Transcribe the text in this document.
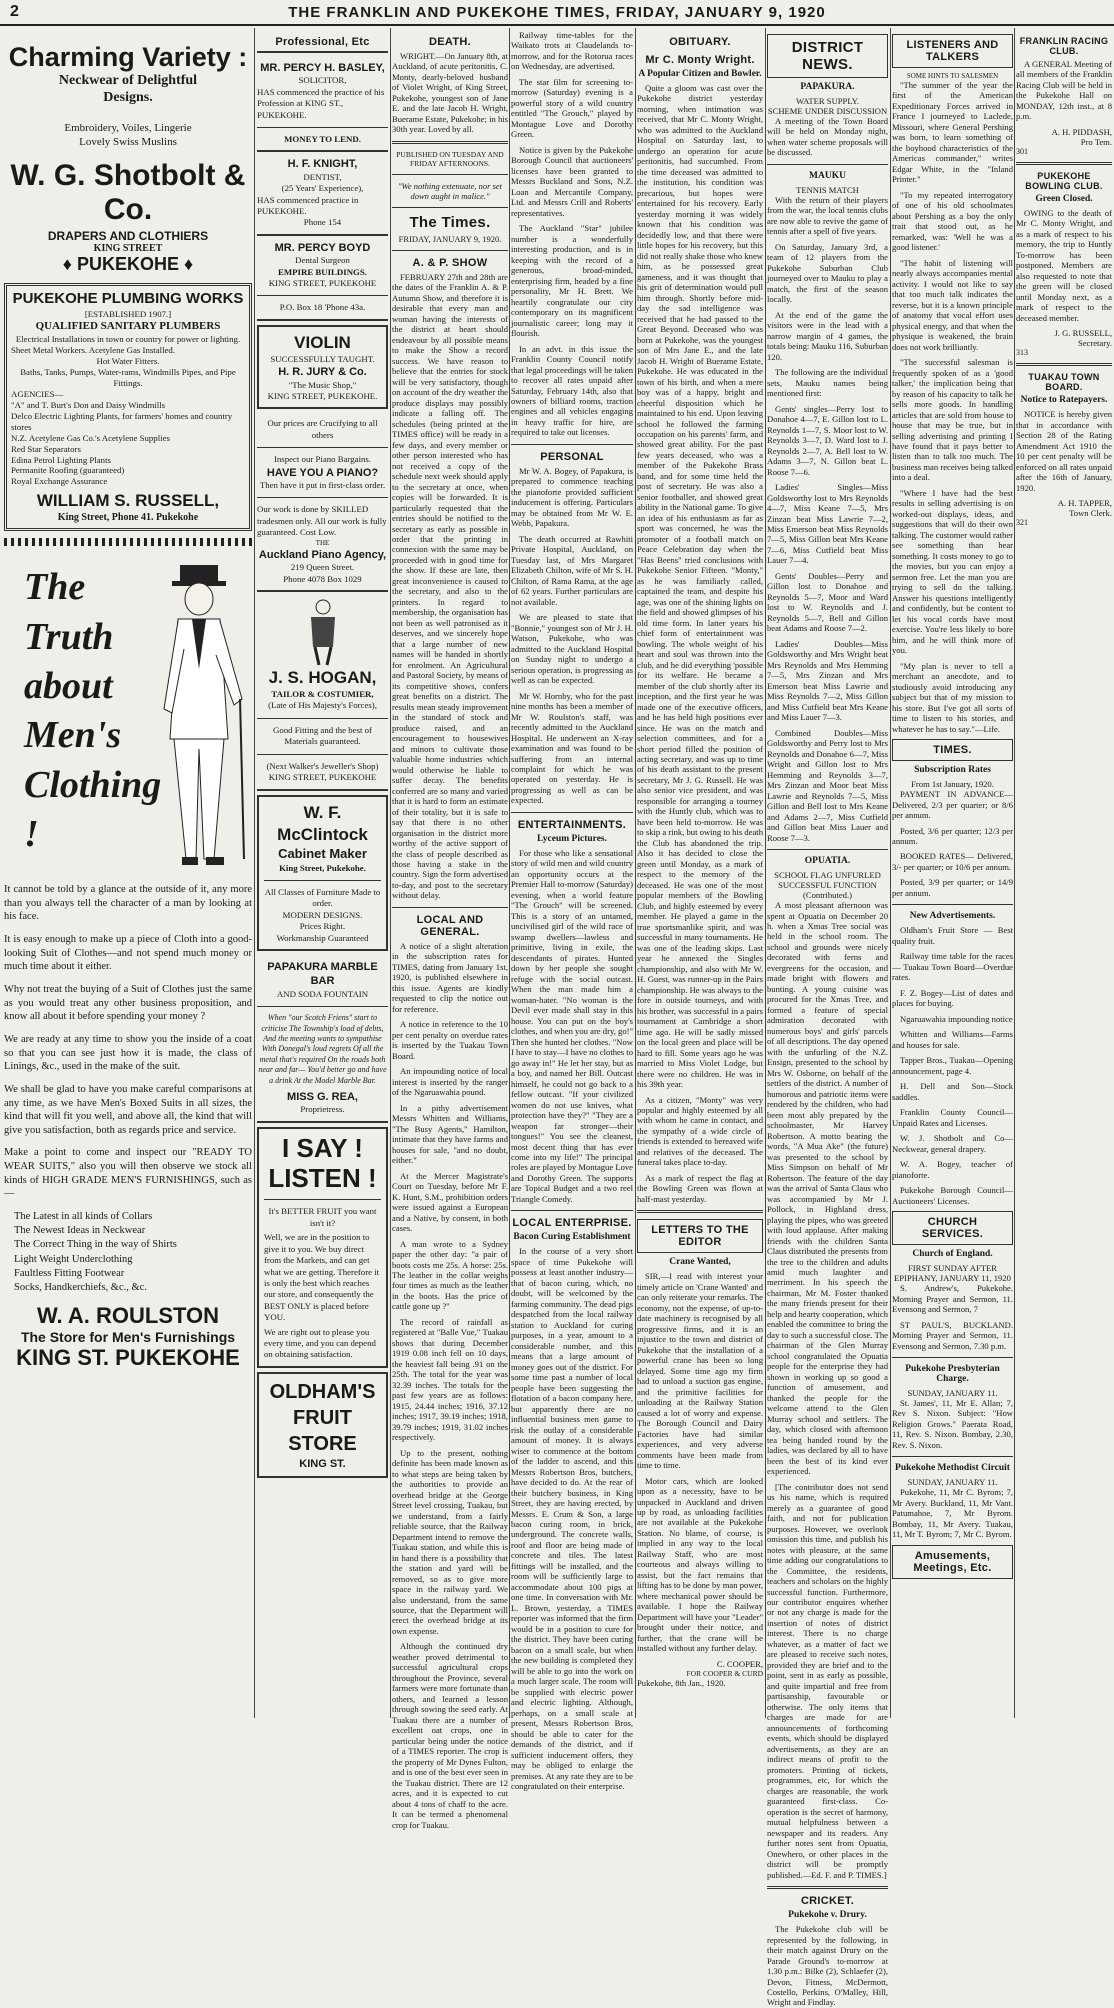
2	THE FRANKLIN AND PUKEKOHE TIMES, FRIDAY, JANUARY 9, 1920
Charming Variety :
Neckwear of Delightful
Designs.
Embroidery, Voiles, Lingerie
Lovely Swiss Muslins
W. G. Shotbolt & Co.
DRAPERS AND CLOTHIERS
KING STREET
♦ PUKEKOHE ♦
PUKEKOHE PLUMBING WORKS
[ESTABLISHED 1907.]
QUALIFIED SANITARY PLUMBERS
Electrical Installations in town or country for power or lighting.
Sheet Metal Workers. Acetylene Gas Installed.
Hot Water Fitters.
Baths, Tanks, Pumps, Water-rams, Windmills Pipes, and Pipe Fittings.
AGENCIES—
"A" and T. Burt's Don and Daisy Windmills
Delco Electric Lighting Plants, for farmers' homes and country stores
N.Z. Acetylene Gas Co.'s Acetylene Supplies
Red Star Separators
Edina Petrol Lighting Plants
Permanite Roofing (guaranteed)
Royal Exchange Assurance
WILLIAM S. RUSSELL,
King Street, Phone 41. Pukekohe
The Truth
about
Men's
Clothing !

It cannot be told by a glance at the outside of it, any more than you always tell the character of a man by looking at his face.

It is easy enough to make up a piece of Cloth into a good-looking Suit of Clothes—and not spend much money or much time about it either.

Why not treat the buying of a Suit of Clothes just the same as you would treat any other business proposition, and know all about it before spending your money ?

We are ready at any time to show you the inside of a coat so that you can see just how it is made, the class of Linings, &c., used in the make of the suit.

We shall be glad to have you make careful comparisons at any time, as we have Men's Boxed Suits in all sizes, the kind that will fit you well, and above all, the kind that will give you satisfaction, both as regards price and service.

Make a point to come and inspect our "READY TO WEAR SUITS," also you will then observe we stock all kinds of HIGH GRADE MEN'S FURNISHINGS, such as—

The Latest in all kinds of Collars
The Newest Ideas in Neckwear
The Correct Thing in the way of Shirts
Light Weight Underclothing
Faultless Fitting Footwear
Socks, Handkerchiefs, &c., &c.
W. A. ROULSTON
The Store for Men's Furnishings
KING ST. PUKEKOHE
Professional, Etc
MR. PERCY H. BASLEY,
SOLICITOR,
HAS commenced the practice of his Profession at KING ST., PUKEKOHE.
MONEY TO LEND.
H. F. KNIGHT,
DENTIST,
(25 Years' Experience),
HAS commenced practice in PUKEKOHE.
Phone 154
MR. PERCY BOYD
Dental Surgeon
EMPIRE BUILDINGS.
KING STREET, PUKEKOHE
P.O. Box 18 'Phone 43a.
VIOLIN
SUCCESSFULLY TAUGHT.
H. R. JURY & Co.
"The Music Shop,"
KING STREET, PUKEKOHE.
Our prices are Crucifying to all others
Inspect our Piano Bargains.
HAVE YOU A PIANO?
Then have it put in first-class order.
Our work is done by SKILLED tradesmen only. All our work is fully guaranteed. Cost Low.
THE
Auckland Piano Agency,
219 Queen Street.
Phone 4078 Box 1029
J. S. HOGAN,
TAILOR & COSTUMIER,
(Late of His Majesty's Forces),
Good Fitting and the best of Materials guaranteed.
(Next Walker's Jeweller's Shop)
KING STREET, PUKEKOHE
W. F. McClintock
Cabinet Maker
King Street, Pukekohe.
All Classes of Furniture Made to order.
MODERN DESIGNS.
Prices Right.
Workmanship Guaranteed
PAPAKURA MARBLE BAR
AND SODA FOUNTAIN
When "our Scotch Friens" start to criticise The Township's load of debts, And the meeting wants to sympathise With Donegal's loud regrets Of all the metal that's required On the roads both near and far— You'd better go and have a drink At the Model Marble Bar.
MISS G. REA,
Proprietress.
I SAY !
LISTEN !
It's BETTER FRUIT you want isn't it?
Well, we are in the position to give it to you. We buy direct from the Markets, and can get what we are getting. Therefore it is only the best which reaches our store, and consequently the BEST ONLY is placed before YOU.
We are right out to please you every time, and you can depend on obtaining satisfaction.
OLDHAM'S
FRUIT STORE
KING ST.
DEATH.

WRIGHT.—On January 8th, at Auckland, of acute peritonitis, C. Monty, dearly-beloved husband of Violet Wright, of King Street, Pukekohe, youngest son of Jane E. and the late Jacob H. Wright, Buerame Estate, Pukekohe; in his 30th year. Loved by all.

PUBLISHED ON TUESDAY AND FRIDAY AFTERNOONS.
"We nothing extenuate, nor set down aught in malice."
The Times.
FRIDAY, JANUARY 9, 1920.
A. & P. SHOW

FEBRUARY 27th and 28th are the dates of the Franklin A. & P. Autumn Show, and therefore it is desirable that every man and woman having the interests of the district at heart should endeavour by all possible means to make the Show a record success. We have reason to believe that the entries for stock will be very satisfactory, though on account of the dry weather the produce displays may possibly indicate a falling off. The schedules (being printed at the TIMES office) will be ready in a few days, and every member or other person interested who has not received a copy of the schedule next week should apply to the secretary at once, when copies will be forwarded. It is particularly requested that the entries should be notified to the secretary as early as possible in order that the printing in connexion with the same may be proceeded with in good time for the show. If these are late, then great inconvenience is caused to the secretary, and also to the printers. In regard to membership, the organisation has not been as well patronised as it deserves, and we sincerely hope that a large number of new names will be handed in shortly for enrolment. An Agricultural and Pastoral Society, by means of its competitive shows, confers great benefits on a district. The results mean steady improvement in the standard of stock and produce raised, and an encouragement to housewives and minors to cultivate those valuable home industries which would otherwise be liable to suffer decay. The benefits conferred are so many and varied that it is hard to form an estimate of their totality, but it is safe to say that there is no other organisation in the district more worthy of the active support of the class of people described as those having a stake in the country. Sign the form advertised to-day, and post to the secretary without delay.

LOCAL AND GENERAL.

A notice of a slight alteration in the subscription rates for TIMES, dating from January 1st, 1920, is published elsewhere in this issue. Agents are kindly requested to clip the notice out for reference.

A notice in reference to the 10 per cent penalty on overdue rates is inserted by the Tuakau Town Board.

An impounding notice of local interest is inserted by the ranger of the Ngaruawahia pound.

In a pithy advertisement Messrs Whitten and Williams, "The Busy Agents," Hamilton, intimate that they have farms and houses for sale, "and no doubt, either."

At the Mercer Magistrate's Court on Tuesday, before Mr F. K. Hunt, S.M., prohibition orders were issued against a European and a Native, by consent, in both cases.

A man wrote to a Sydney paper the other day: "a pair of boots costs me 25s. A horse: 25s. The leather in the collar weighs four times as much as the leather in the boots. Has the price of cattle gone up ?"

The record of rainfall as registered at "Balle Vue," Tuakau shows that during December 1919 0.08 inch fell on 10 days, the heaviest fall being .91 on the 25th. The total for the year was 32.39 inches. The totals for the past few years are as follows: 1915, 24.44 inches; 1916, 37.12 inches; 1917, 39.19 inches; 1918, 39.79 inches; 1919, 31.02 inches respectively.

Up to the present, nothing definite has been made known as to what steps are being taken by the authorities to provide an overhead bridge at the George Street level crossing, Tuakau, but we understand, from a fairly reliable source, that the Railway Department intend to remove the Tuakau station, and while this is in hand there is a possibility that the station and yard will be removed, so as to give more space in the railway yard. We also understand, from the same source, that the Department will erect the overhead bridge at its own expense.

Although the continued dry weather proved detrimental to successful agricultural crops throughout the Province, several farmers were more fortunate than others, and learned a lesson through sowing the seed early. At Tuakau there are a number of excellent oat crops, one in particular being under the notice of a TIMES reporter. The crop is the property of Mr Dynes Fulton, and is one of the best ever seen in the Tuakau district. There are 12 acres, and it is expected to cut about 4 tons of chaff to the acre. It can be termed a phenomenal crop for Tuakau.

Railway time-tables for the Waikato trots at Claudelands to-morrow, and for the Rotorua races on Wednesday, are advertised.

The star film for screening to-morrow (Saturday) evening is a powerful story of a wild country entitled "The Grouch," played by Montague Love and Dorothy Green.

Notice is given by the Pukekohe Borough Council that auctioneers' licenses have been granted to Messrs Buckland and Sons, N.Z. Loan and Mercantile Company, Ltd. and Messrs Crill and Roberts' representatives.

The Auckland "Star" jubilee number is a wonderfully interesting production, and is in keeping with the record of a generous, broad-minded, enterprising firm, headed by a fine personality, Mr H. Brett. We heartily congratulate our city contemporary on its magnificent journalistic career; long may it flourish.

In an advt. in this issue the Franklin County Council notify that legal proceedings will be taken to recover all rates unpaid after Saturday, February 14th, also that owners of billiard rooms, traction engines and all vehicles engaging in heavy traffic for hire, are required to take out licenses.

PERSONAL

Mr W. A. Bogey, of Papakura, is prepared to commence teaching the pianoforte provided sufficient inducement is offering. Particulars may be obtained from Mr W. E. Webb, Papakura.

The death occurred at Rawhiti Private Hospital, Auckland, on Tuesday last, of Mrs Margaret Elizabeth Chilton, wife of Mr S. H. Chilton, of Rama Rama, at the age of 62 years. Further particulars are not available.

We are pleased to state that "Bonnie," youngest son of Mr J. H. Watson, Pukekohe, who was admitted to the Auckland Hospital on Sunday night to undergo a serious operation, is progressing as well as can be expected.

Mr W. Hornby, who for the past nine months has been a member of Mr W. Roulston's staff, was recently admitted to the Auckland Hospital. He underwent an X-ray examination and was found to be suffering from an internal complaint for which he was operated on yesterday. He is progressing as well as can be expected.

ENTERTAINMENTS.
Lyceum Pictures.

For those who like a sensational story of wild men and wild country an opportunity occurs at the Premier Hall to-morrow (Saturday) evening, when a world feature "The Grouch" will be screened. This is a story of an untamed, uncivilised girl of the wild race of swamp dwellers—lawless and primitive, living in exile, the descendants of pirates. Hunted down by her people she sought refuge with the social outcast. When the man made him a woman-hater. "No woman is the Devil ever made shall stay in this house. You can put on the boy's clothes, and when you are dry, go!" Then she hunted her clothes. "Now I have to stay—I have no clothes to go away in!" He let her stay, but as a boy, and named her Bill. Outcast himself, he could not go back to a fellow outcast. "If your civilized women do not use knives, what protection have they?" "They are a weapon far stronger—their tongues!" You see the cleanest, most decent thing that has ever come into my life!" The principal roles are played by Montague Love and Dorothy Green. The supports are Topical Budget and a two reel Triangle Comedy.

LOCAL ENTERPRISE.
Bacon Curing Establishment

In the course of a very short space of time Pukekohe will possess at least another industry—that of bacon curing, which, no doubt, will be welcomed by the farming community. The dead pigs despatched from the local railway station to Auckland for curing purposes, in a year, amount to a considerable number, and this means that a large amount of money goes out of the district. For some time past a number of local people have been suggesting the flotation of a bacon company here, but apparently there are no influential business men game to risk the outlay of a considerable amount of money. It is always wiser to commence at the bottom of the ladder to ascend, and this Messrs Robertson Bros, butchers, have decided to do. At the rear of their butchery business, in King Street, they are having erected, by Messrs. E. Crum & Son, a large bacon curing room, in brick, underground. The concrete walls, roof and floor are being made of concrete and tiles. The latest fittings will be installed, and the room will be sufficiently large to accommodate about 100 pigs at one time. In conversation with Mr. L. Brown, yesterday, a TIMES reporter was informed that the firm would be in a position to cure for the district. They have been curing bacon on a small scale, but when the new building is completed they will be able to go into the work on a much larger scale. The room will be supplied with electric power and electric lighting. Although, perhaps, on a small scale at present, Messrs Robertson Bros, should be able to cater for the demands of the district, and if sufficient inducement offers, they may be obliged to enlarge the premises. At any rate they are to be congratulated on their enterprise.

OBITUARY.
Mr C. Monty Wright.
A Popular Citizen and Bowler.

Quite a gloom was cast over the Pukekohe district yesterday morning, when intimation was received, that Mr C. Monty Wright, who was admitted to the Auckland Hospital on Saturday last, to undergo an operation for acute peritonitis, had succumbed. From the time deceased was admitted to the institution, his condition was precarious, but hopes were entertained for his recovery. Early yesterday morning it was widely known that his condition was decidedly low, and that there were little hopes for his recovery, but this did not really shake those who knew him, as he possessed great gameness, and it was thought that his grit of determination would pull him through. Shortly before mid-day the sad intelligence was received that he had passed to the Great Beyond. Deceased who was born at Pukekohe, was the youngest son of Mrs Jane E., and the late Jacob H. Wright of Buerame Estate, Pukekohe. He was educated in the town of his birth, and when a mere boy was of a happy, bright and cheerful disposition which he maintained to his end. Upon leaving school he followed the farming occupation on his parents' farm, and showed great ability. For the past few years deceased, who was a member of the Pukekohe Brass band, and for some time held the post of secretary. He was also a senior footballer, and showed great ability in the National game. To give an idea of his enthusiasm as far as sport was concerned, he was the promoter of a football match on Peace Celebration day when the "Has Beens" tried conclusions with Pukekohe Senior Fifteen. "Monty," as he was familiarly called, captained the team, and despite his age, was one of the shining lights on the field and showed glimpses of his old time form. In latter years his chief form of entertainment was bowling. The whole weight of his heart and soul was thrown into the club, and he did everything 'possible for its welfare. He became a member of the club shortly after its inception, and the first year he was made one of the executive officers, and he has held high positions ever since. He was on the match and selection committees, and for a short period filled the position of acting secretary, and was up to time of his death assistant to the present secretary, Mr J. G. Russell. He was also senior vice president, and was responsible for arranging a tourney with the Huntly club, which was to have been held to-morrow. He was to skip a rink, but owing to his death the Club has abandoned the trip. Also it has decided to close the green until Monday, as a mark of respect to the memory of the deceased. He was one of the most popular members of the Bowling Club, and highly esteemed by every member. He played a game in the true sportsmanlike spirit, and was successful in many tournaments. He was one of the leading skips. Last year he annexed the Singles championship, and also with Mr W. H. Guest, was runner-up in the Pairs championship. He was always to the fore in outside tourneys, and with his brother, was successful in a pairs tournament at Cambridge a short time ago. He will be sadly missed on the local green and place will be hard to fill. Some years ago he was married to Miss Violet Lodge, but there were no children. He was in his 39th year.

As a citizen, "Monty" was very popular and highly esteemed by all with whom he came in contact, and the sympathy of a wide circle of friends is extended to bereaved wife and relatives of the deceased. The funeral takes place to-day.

As a mark of respect the flag at the Bowling Green was flown at half-mast yesterday.

LETTERS TO THE EDITOR
Crane Wanted,

SIR,—I read with interest your timely article on 'Crane Wanted' and can only reiterate your remarks. The economy, not the expense, of up-to-date machinery is recognised by all progressive firms, and it is an injustice to the town and district of Pukekohe that the installation of a powerful crane has been so long delayed. Some time ago my firm had to unload a suction gas engine, and the primitive facilities for unloading at the Railway Station caused a lot of worry and expense. The Borough Council and Dairy Factories have had similar experiences, and very adverse comments have been made from time to time.

Motor cars, which are looked upon as a necessity, have to be unpacked in Auckland and driven up by road, as unloading facilities are not available at the Pukekohe Station. No blame, of course, is implied in any way to the local Railway Staff, who are most courteous and always willing to assist, but the fact remains that lifting has to be done by man power, where mechanical power should be available. I hope the Railway Department will have your "Leader" brought under their notice, and further, that the crane will be installed without any further delay.

C. COOPER,
FOR COOPER & CURD
Pukekohe, 8th Jan., 1920.
DISTRICT NEWS.
PAPAKURA.
WATER SUPPLY.
SCHEME UNDER DISCUSSION

A meeting of the Town Board will be held on Monday night, when water scheme proposals will be discussed.

MAUKU
TENNIS MATCH

With the return of their players from the war, the local tennis clubs are now able to revive the game of tennis after a spell of five years.

On Saturday, January 3rd, a team of 12 players from the Pukekohe Suburban Club journeyed over to Mauku to play a match, the first of the season locally.

At the end of the game the visitors were in the lead with a narrow margin of 4 games, the totals being: Mauku 116, Suburban 120.

The following are the individual sets, Mauku names being mentioned first:

Gents' singles—Perry lost to Donahoe 4—7, E. Gillon lost to L. Reynolds 1—7, S. Moor lost to W. Reynolds 3—7, D. Ward lost to J. Reynolds 2—7, A. Bell lost to W. Adams 3—7, N. Gillon beat L. Roose 7—6.

Ladies' Singles—Miss Goldsworthy lost to Mrs Reynolds 4—7, Miss Keane 7—5, Mrs Zinzan beat Miss Lawrie 7—2, Miss Emerson beat Miss Reynolds 7—5, Miss Gillon beat Mrs Keane 7—6, Miss Cutfield beat Miss Lauer 7—4.

Gents' Doubles—Perry and Gillon lost to Donahoe and Reynolds 5—7, Moor and Ward lost to W. Reynolds and J. Reynolds 5—7, Bell and Gillon beat Adams and Roose 7—2.

Ladies' Doubles—Miss Goldsworthy and Mrs Wright beat Mrs Reynolds and Mrs Hemming 7—5, Mrs Zinzan and Mrs Emerson beat Miss Lawrie and Miss Reynolds 7—2, Miss Gillon and Miss Cutfield beat Mrs Keane and Miss Lauer 7—3.

Combined Doubles—Miss Goldsworthy and Perry lost to Mrs Reynolds and Donahoe 6—7, Miss Wright and Gillon lost to Mrs Hemming and Reynolds 3—7, Mrs Zinzan and Moor beat Miss Lawrie and Reynolds 7—5, Miss Gillon and Bell lost to Mrs Keane and Adams 2—7, Miss Cutfield and Gillon beat Miss Lauer and Roose 7—3.

OPUATIA.
SCHOOL FLAG UNFURLED
SUCCESSFUL FUNCTION
(Contributed.)

A most pleasant afternoon was spent at Opuatia on December 20 h. when a Xmas Tree social was held in the school room. The school and grounds were nicely decorated with ferns and evergreens for the occasion, and made bright with flowers and bunting. A young cuisine was procured for the Xmas Tree, and formed a feature of special admiration decorated with numerous boys' and girls' parcels of all descriptions. The day opened with the unfurling of the N.Z. Ensign, presented to the school by Mrs W. Osborne, on behalf of the settlers of the district. A number of humorous and patriotic items were rendered by the children, who had been most ably prepared by the schoolmaster, Mr Harvey Robertson. A motto bearing the words, "A Mua Ake" (the future) was presented to the school by Miss Simpson on behalf of Mr Robertson. The feature of the day was the arrival of Santa Claus who was accompanied by Mr J. Pollock, in Highland dress, playing the pipes, who was greeted with loud applause. After making friends with the children Santa Claus distributed the presents from the tree to the children and adults amid much laughter and merriment. In his speech the chairman, Mr M. Foster thanked the many friends present for their help and hearty cooperation, which enabled the committee to bring the day to such a successful close. The chairman of the Glen Murray school congratulated the Opuatia people for the enterprise they had shown in working up so good a function of amusement, and thanked the people for the welcome attend to the Glen Murray school and settlers. The day, which closed with afternoon tea being handed round by the ladies, was declared by all to have been the best of its kind ever experienced.

[The contributor does not send us his name, which is required merely as a guarantee of good faith, and not for publication purposes. However, we overlook omission this time, and publish his notes with pleasure, at the same time adding our congratulations to the Committee, the residents, teachers and scholars on the highly successful function. Furthermore, our contributor enquires whether or not any charge is made for the insertion of notes of district interest. There is no charge whatever, as a matter of fact we are pleased to receive such notes, provided they are brief and to the point, sent in as early as possible, and quite impartial and free from partisanship, favourable or otherwise. The only items that charges are made for are announcements of forthcoming events, which should be displayed advertisements, as they are an indirect means of profit to the promoters. Printing of tickets, programmes, etc, for which the charges are reasonable, the work guaranteed first-class. Co-operation is the secret of harmony, mutual helpfulness between a newspaper and its readers. Any further notes sent from Opuatia, Onewhero, or other places in the district will be promptly published.—Ed. F. and P. TIMES.]

CRICKET.
Pukekohe v. Drury.

The Pukekohe club will be represented by the following, in their match against Drury on the Parade Ground's to-morrow at 1.30 p.m.: Bilke (2), Schlaefer (2), Devon, Fitness, McDermott, Costello, Perkins, O'Malley, Hill, Wright and Findlay.

LISTENERS AND TALKERS
SOME HINTS TO SALESMEN

"The summer of the year the first of the American Expeditionary Forces arrived in France I journeyed to Laclede, Missouri, where General Pershing was born, to learn something of the boyhood characteristics of the Americas commander," writes Edgar White, in the "Inland Printer."

"To my repeated interrogatory of one of his old schoolmates about Pershing as a boy the only trait that stood out, as he remarked, was: 'Well he was a good listener.'

"The habit of listening will nearly always accompanies mental activity. I would not like to say that too much talk indicates the reverse, but it is a known principle of anatomy that vocal effort uses physical energy, and that when the physique is weakened, the brain does not work brilliantly.

"The successful salesman is frequently spoken of as a 'good talker,' the implication being that by reason of his capacity to talk he sells more goods. In handling articles that are sold from house to house that may be true, but in selling advertising and printing I have found that it pays better to listen than to talk too much. The business man receives being talked into a deal.

"Where I have had the best results in selling advertising is on worked-out displays, ideas, and suggestions that will do their own talking. The customer would rather see something than hear something. It costs money to go to the movies, but you can enjoy a sermon free. Let the man you are trying to sell do the talking. Answer his questions intelligently and confidently, but be content to let his vocal cords have most exercise. You're less likely to bore him, and he will think more of you.

"My plan is never to tell a merchant an anecdote, and to studiously avoid introducing any subject but that of my mission to his store. But I've got all sorts of time to listen to his stories, and whatever he has to say."—Life.

TIMES.
Subscription Rates
From 1st January, 1920.

PAYMENT IN ADVANCE— Delivered, 2/3 per quarter; or 8/6 per annum.

Posted, 3/6 per quarter; 12/3 per annum.

BOOKED RATES— Delivered, 3/- per quarter; or 10/6 per annum.

Posted, 3/9 per quarter; or 14/9 per annum.

New Advertisements.

Oldham's Fruit Store — Best quality fruit.

Railway time table for the races — Tuakau Town Board—Overdue rates.

F. Z. Bogey—List of dates and places for buying.

Ngaruawahia impounding notice

Whitten and Williams—Farms and houses for sale.

Tapper Bros., Tuakau—Opening announcement, page 4.

H. Dell and Son—Stock saddles.

Franklin County Council—Unpaid Rates and Licenses.

W. J. Shotbolt and Co—Neckwear, general drapery.

W. A. Bogey, teacher of pianoforte.

Pukekohe Borough Council—Auctioneers' Licenses.

CHURCH SERVICES.
Church of England.
FIRST SUNDAY AFTER EPIPHANY, JANUARY 11, 1920

S. Andrew's, Pukekohe. Morning Prayer and Sermon, 11. Evensong and Sermon, 7

ST PAUL'S, BUCKLAND. Morning Prayer and Sermon, 11. Evensong and Sermon, 7.30 p.m.

Pukekohe Presbyterian Charge.
SUNDAY, JANUARY 11.

St. James', 11, Mr E. Allan; 7, Rev S. Nixon. Subject: "How Religion Grows." Paerata Road, 11, Rev. S. Nixon. Bombay, 2.30, Rev. S. Nixon.

Pukekohe Methodist Circuit
SUNDAY, JANUARY 11.

Pukekohe, 11, Mr C. Byrom; 7, Mr Avery. Buckland, 11, Mr Vant. Patumahoe, 7, Mr Byrom. Bombay, 11, Mr Avery. Tuakau, 11, Mr T. Byrom; 7, Mr C. Byrom.

Amusements, Meetings, Etc.
FRANKLIN RACING CLUB.

A GENERAL Meeting of all members of the Franklin Racing Club will be held in the Pukekohe Hall on MONDAY, 12th inst., at 8 p.m.

A. H. PIDDASH,
Pro Tem.
301
PUKEKOHE BOWLING CLUB.
Green Closed.

OWING to the death of Mr C. Monty Wright, and as a mark of respect to his memory, the trip to Huntly To-morrow has been postponed. Members are also requested to note that the green will be closed until Monday next, as a mark of respect to the deceased member.

J. G. RUSSELL,
Secretary.
313
TUAKAU TOWN BOARD.
Notice to Ratepayers.

NOTICE is hereby given that in accordance with Section 28 of the Rating Amendment Act 1910 the 10 per cent penalty will be enforced on all rates unpaid after the 16th of January, 1920.

A. H. TAPPER,
Town Clerk.
321
